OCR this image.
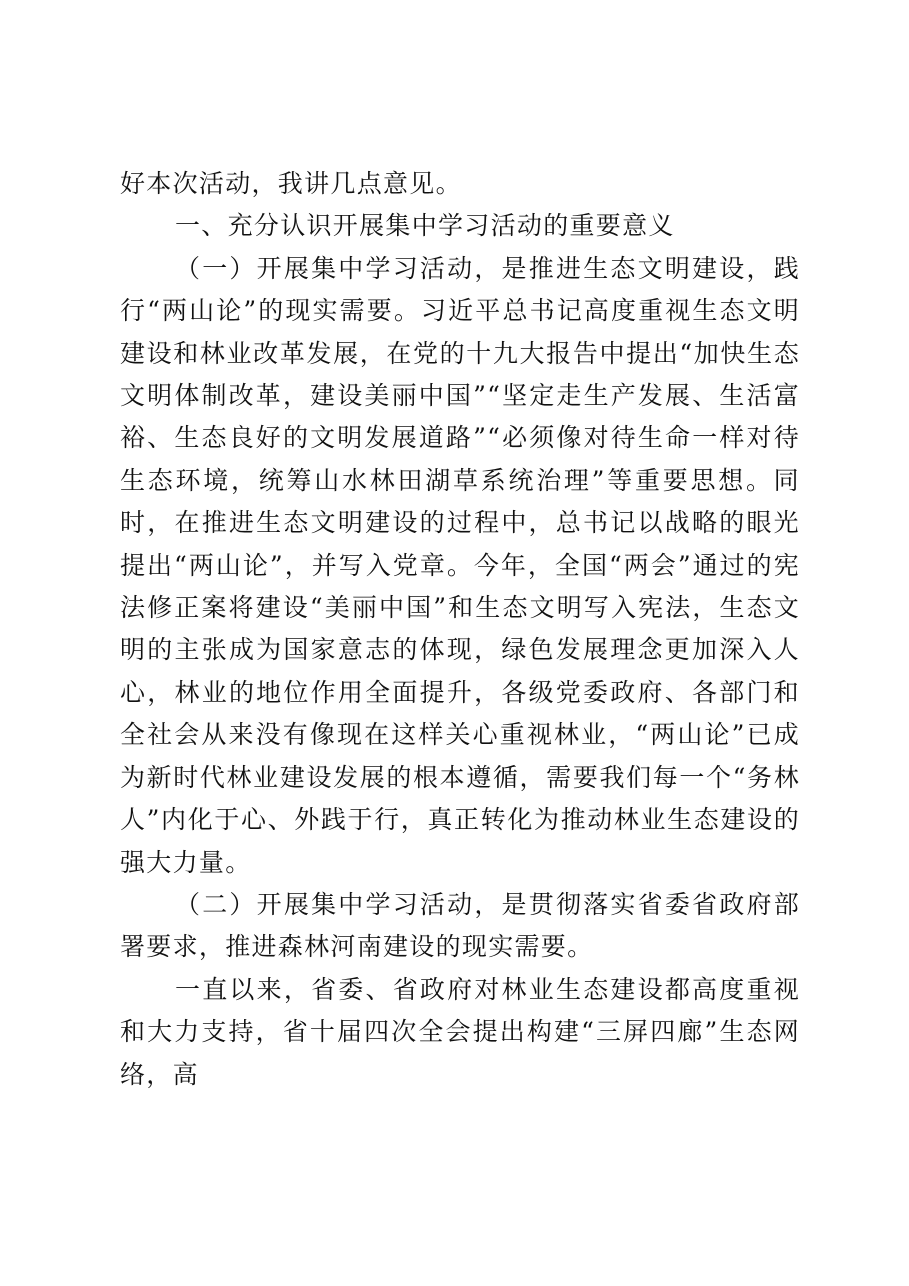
好本次活动，我讲几点意见。

一、充分认识开展集中学习活动的重要意义

（一）开展集中学习活动，是推进生态文明建设，践行“两山论”的现实需要。习近平总书记高度重视生态文明建设和林业改革发展，在党的十九大报告中提出“加快生态文明体制改革，建设美丽中国”“坚定走生产发展、生活富裕、生态良好的文明发展道路”“必须像对待生命一样对待生态环境，统筹山水林田湖草系统治理”等重要思想。同时，在推进生态文明建设的过程中，总书记以战略的眼光提出“两山论”，并写入党章。今年，全国“两会”通过的宪法修正案将建设“美丽中国”和生态文明写入宪法，生态文明的主张成为国家意志的体现，绿色发展理念更加深入人心，林业的地位作用全面提升，各级党委政府、各部门和全社会从来没有像现在这样关心重视林业，“两山论”已成为新时代林业建设发展的根本遵循，需要我们每一个“务林人”内化于心、外践于行，真正转化为推动林业生态建设的强大力量。

（二）开展集中学习活动，是贯彻落实省委省政府部署要求，推进森林河南建设的现实需要。

一直以来，省委、省政府对林业生态建设都高度重视和大力支持，省十届四次全会提出构建“三屏四廊”生态网络，高
